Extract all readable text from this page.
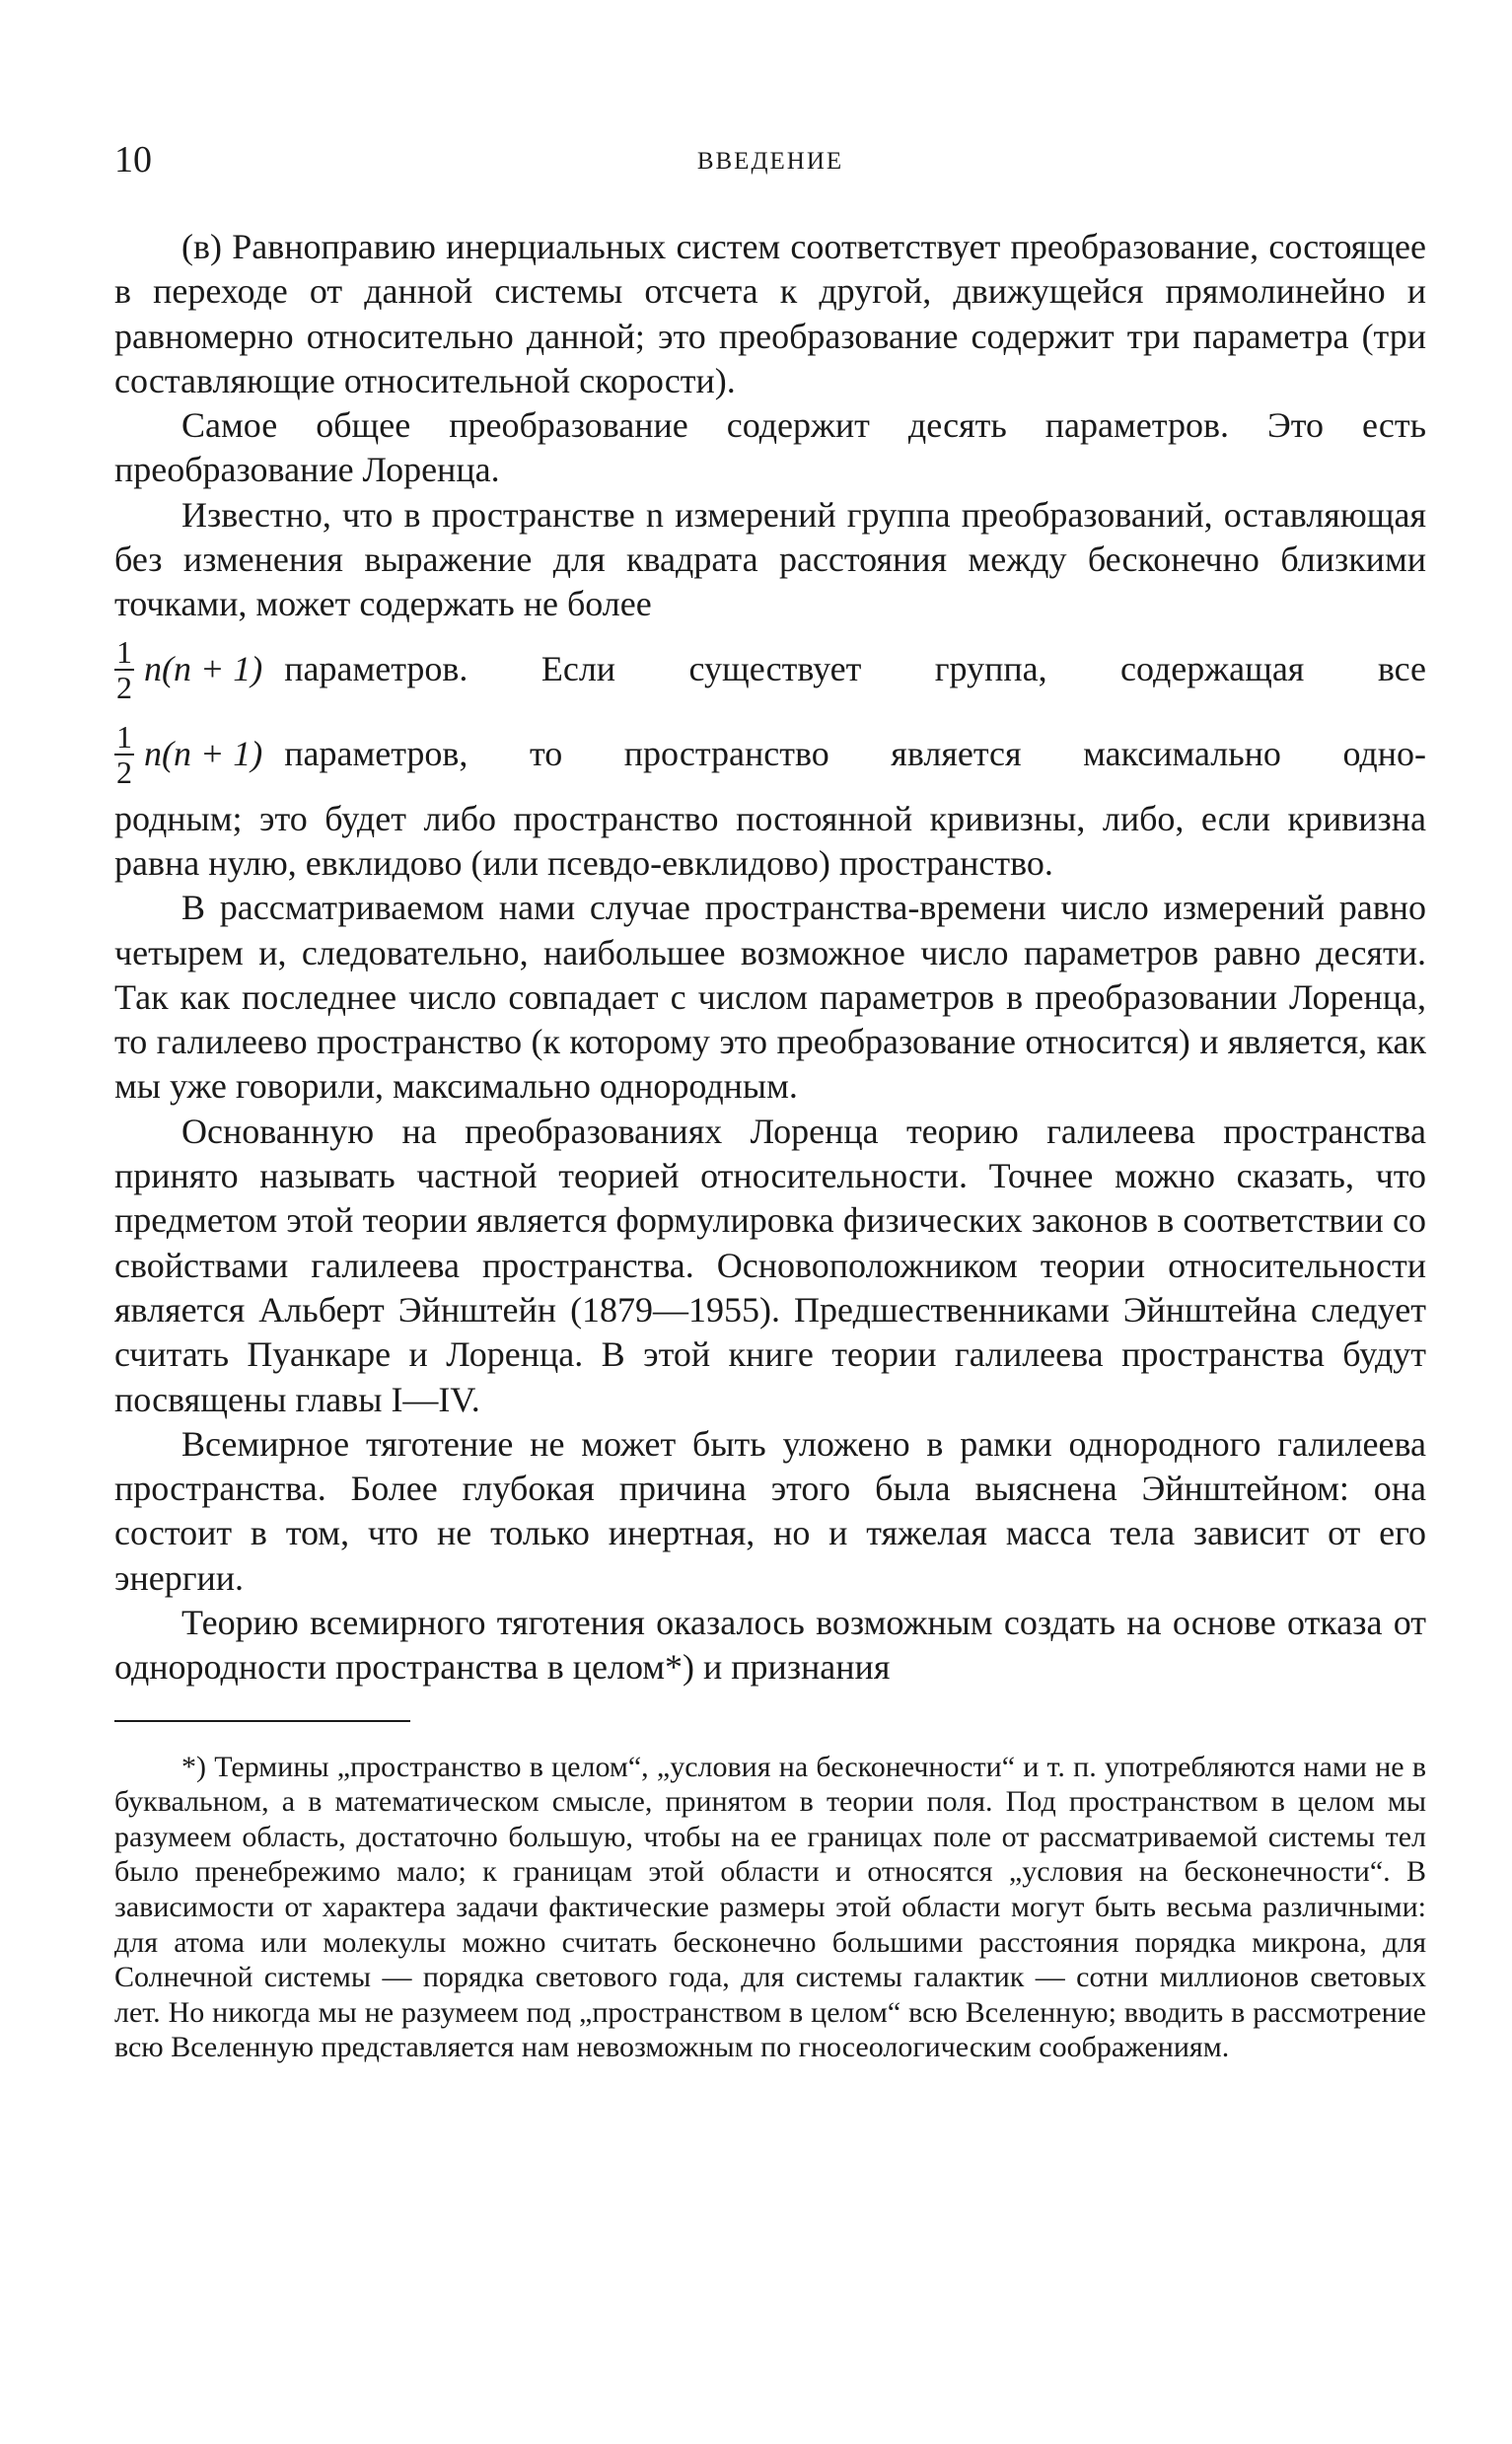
10	ВВЕДЕНИЕ

(в) Равноправию инерциальных систем соответствует преобразование, состоящее в переходе от данной системы отсчета к другой, движущейся прямолинейно и равномерно относительно данной; это преобразование содержит три параметра (три составляющие относительной скорости).

Самое общее преобразование содержит десять параметров. Это есть преобразование Лоренца.

Известно, что в пространстве n измерений группа преобразований, оставляющая без изменения выражение для квадрата расстояния между бесконечно близкими точками, может содержать не более

$\frac{1}{2} n(n + 1)$ параметров. Если существует группа, содержащая все
$\frac{1}{2} n(n + 1)$ параметров, то пространство является максимально одно-

родным; это будет либо пространство постоянной кривизны, либо, если кривизна равна нулю, евклидово (или псевдо-евклидово) пространство.

В рассматриваемом нами случае пространства-времени число измерений равно четырем и, следовательно, наибольшее возможное число параметров равно десяти. Так как последнее число совпадает с числом параметров в преобразовании Лоренца, то галилеево пространство (к которому это преобразование относится) и является, как мы уже говорили, максимально однородным.

Основанную на преобразованиях Лоренца теорию галилеева пространства принято называть частной теорией относительности. Точнее можно сказать, что предметом этой теории является формулировка физических законов в соответствии со свойствами галилеева пространства. Основоположником теории относительности является Альберт Эйнштейн (1879—1955). Предшественниками Эйнштейна следует считать Пуанкаре и Лоренца. В этой книге теории галилеева пространства будут посвящены главы I—IV.

Всемирное тяготение не может быть уложено в рамки однородного галилеева пространства. Более глубокая причина этого была выяснена Эйнштейном: она состоит в том, что не только инертная, но и тяжелая масса тела зависит от его энергии.

Теорию всемирного тяготения оказалось возможным создать на основе отказа от однородности пространства в целом*) и признания

*) Термины „пространство в целом“, „условия на бесконечности“ и т. п. употребляются нами не в буквальном, а в математическом смысле, принятом в теории поля. Под пространством в целом мы разумеем область, достаточно большую, чтобы на ее границах поле от рассматриваемой системы тел было пренебрежимо мало; к границам этой области и относятся „условия на бесконечности“. В зависимости от характера задачи фактические размеры этой области могут быть весьма различными: для атома или молекулы можно считать бесконечно большими расстояния порядка микрона, для Солнечной системы — порядка светового года, для системы галактик — сотни миллионов световых лет. Но никогда мы не разумеем под „пространством в целом“ всю Вселенную; вводить в рассмотрение всю Вселенную представляется нам невозможным по гносеологическим соображениям.
